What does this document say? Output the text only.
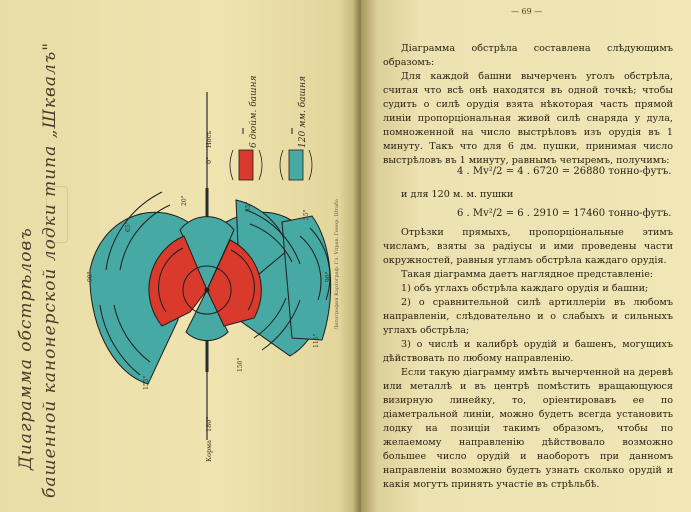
Диаграмма обстрѣловъ башенной канонерской лодки типа „Шквалъ"	6 дюйм. башня	120 мм. башня
0°
Носъ
Корма
180°
90°
65°
20°
155°
35°
55°
90°
115°
150°
Литография Картограф. Гл. Управ. Генер. Штаба
— 69 —

Діаграмма обстрѣла составлена слѣдующимъ образомъ:

Для каждой башни вычерченъ уголъ обстрѣла, считая что всѣ онѣ находятся въ одной точкѣ; чтобы судить о силѣ орудія взята нѣкоторая часть прямой линіи пропорціональная живой силѣ снаряда у дула, помноженной на число выстрѣловъ изъ орудія въ 1 минуту. Такъ что для 6 дм. пушки, принимая число выстрѣловъ въ 1 минуту, равнымъ четыремъ, получимъ:

4 . Mv²/2 = 4 . 6720 = 26880 тонно-футъ.

и для 120 м. м. пушки

6 . Mv²/2 = 6 . 2910 = 17460 тонно-футъ.

Отрѣзки прямыхъ, пропорціональные этимъ числамъ, взяты за радіусы и ими проведены части окружностей, равныя угламъ обстрѣла каждаго орудія.

Такая діаграмма даетъ наглядное представленіе:

1) объ углахъ обстрѣла каждаго орудія и башни;

2) о сравнительной силѣ артиллеріи въ любомъ направленіи, слѣдовательно и о слабыхъ и сильныхъ углахъ обстрѣла;

3) о числѣ и калибрѣ орудій и башенъ, могущихъ дѣйствовать по любому направленію.

Если такую діаграмму имѣть вычерченной на деревѣ или металлѣ и въ центрѣ помѣстить вращающуюся визирную линейку, то, оріентировавъ ее по діаметральной линіи, можно будетъ всегда установить лодку на позиціи такимъ образомъ, чтобы по желаемому направленію дѣйствовало возможно большее число орудій и наоборотъ при данномъ направленіи возможно будетъ узнать сколько орудій и какія могутъ принять участіе въ стрѣльбѣ.
